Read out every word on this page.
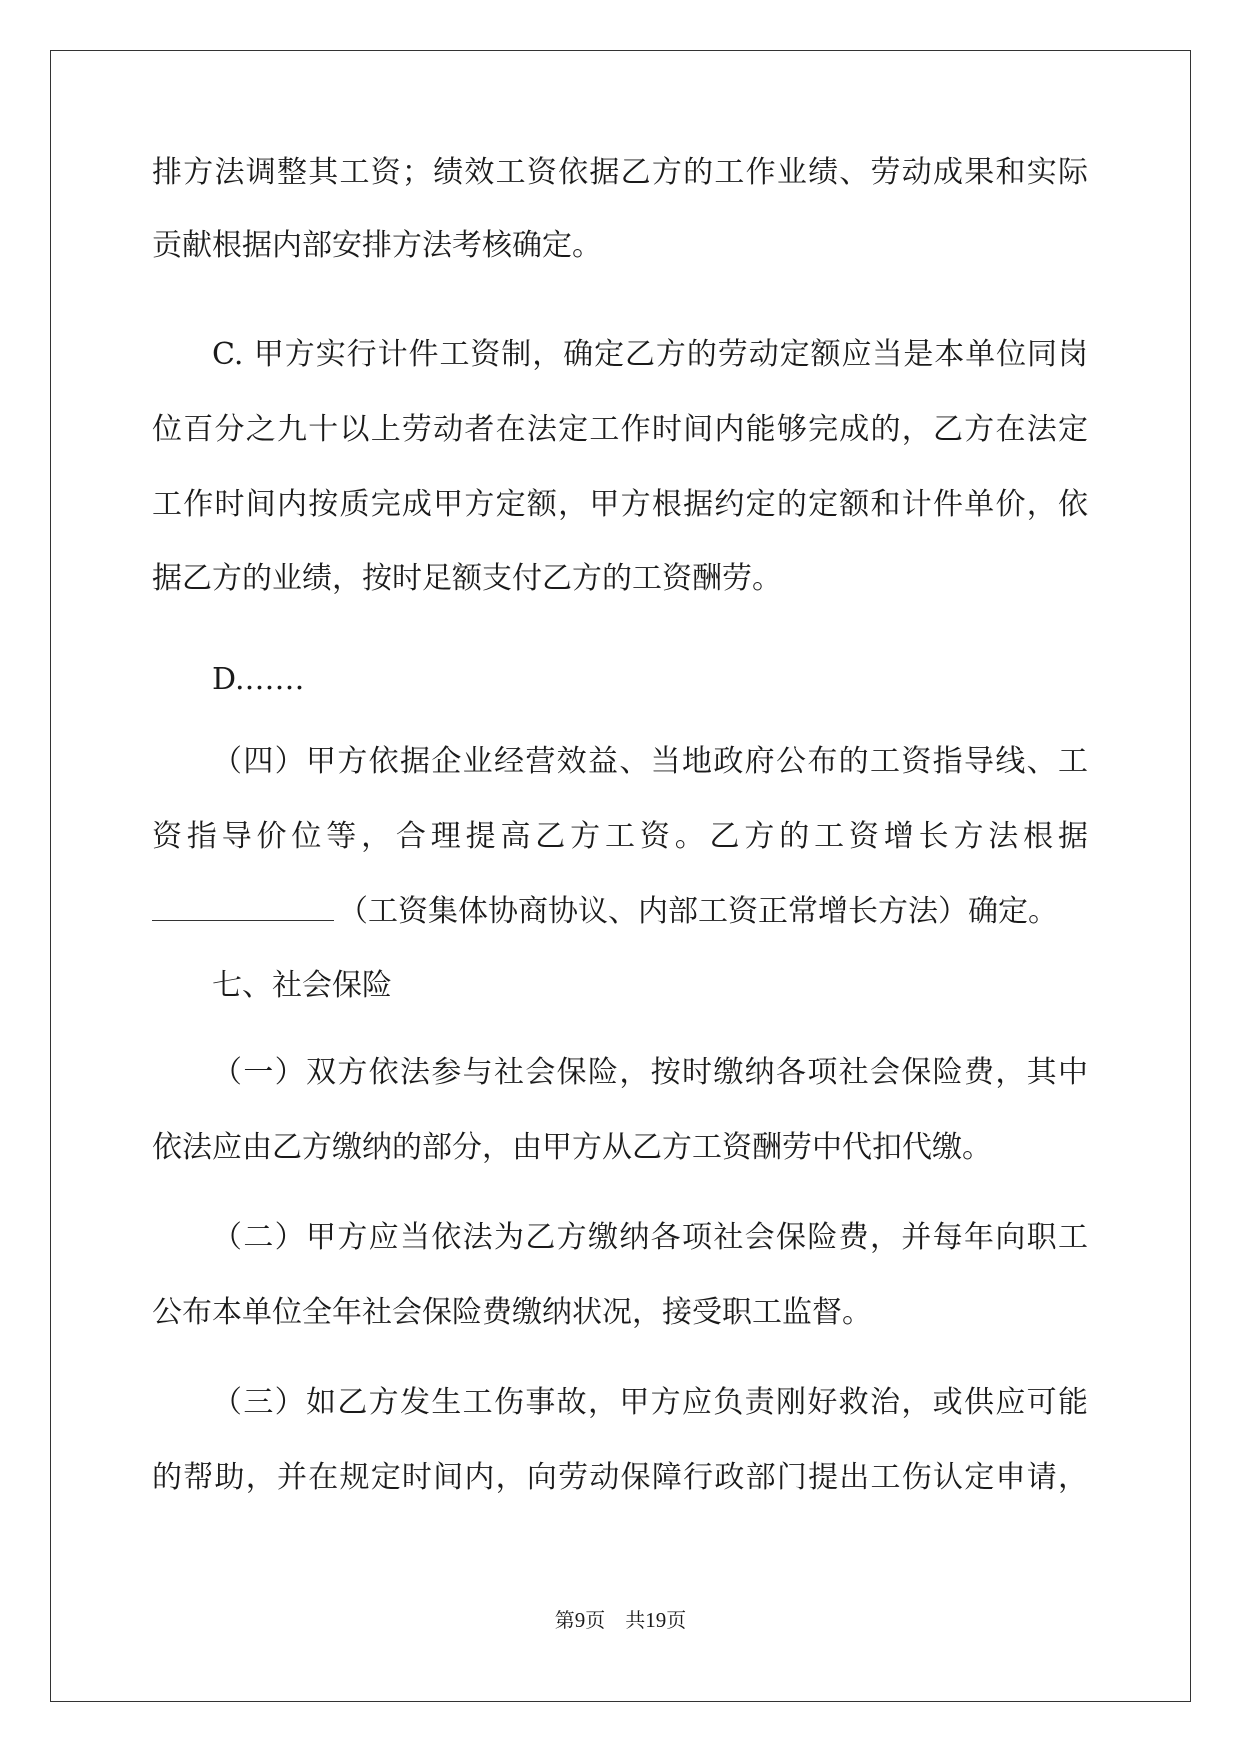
排方法调整其工资；绩效工资依据乙方的工作业绩、劳动成果和实际
贡献根据内部安排方法考核确定。
C. 甲方实行计件工资制，确定乙方的劳动定额应当是本单位同岗
位百分之九十以上劳动者在法定工作时间内能够完成的，乙方在法定
工作时间内按质完成甲方定额，甲方根据约定的定额和计件单价，依
据乙方的业绩，按时足额支付乙方的工资酬劳。
D.……
（四）甲方依据企业经营效益、当地政府公布的工资指导线、工
资指导价位等，合理提高乙方工资。乙方的工资增长方法根据
（工资集体协商协议、内部工资正常增长方法）确定。
七、社会保险
（一）双方依法参与社会保险，按时缴纳各项社会保险费，其中
依法应由乙方缴纳的部分，由甲方从乙方工资酬劳中代扣代缴。
（二）甲方应当依法为乙方缴纳各项社会保险费，并每年向职工
公布本单位全年社会保险费缴纳状况，接受职工监督。
（三）如乙方发生工伤事故，甲方应负责刚好救治，或供应可能
的帮助，并在规定时间内，向劳动保障行政部门提出工伤认定申请，
第9页　共19页
